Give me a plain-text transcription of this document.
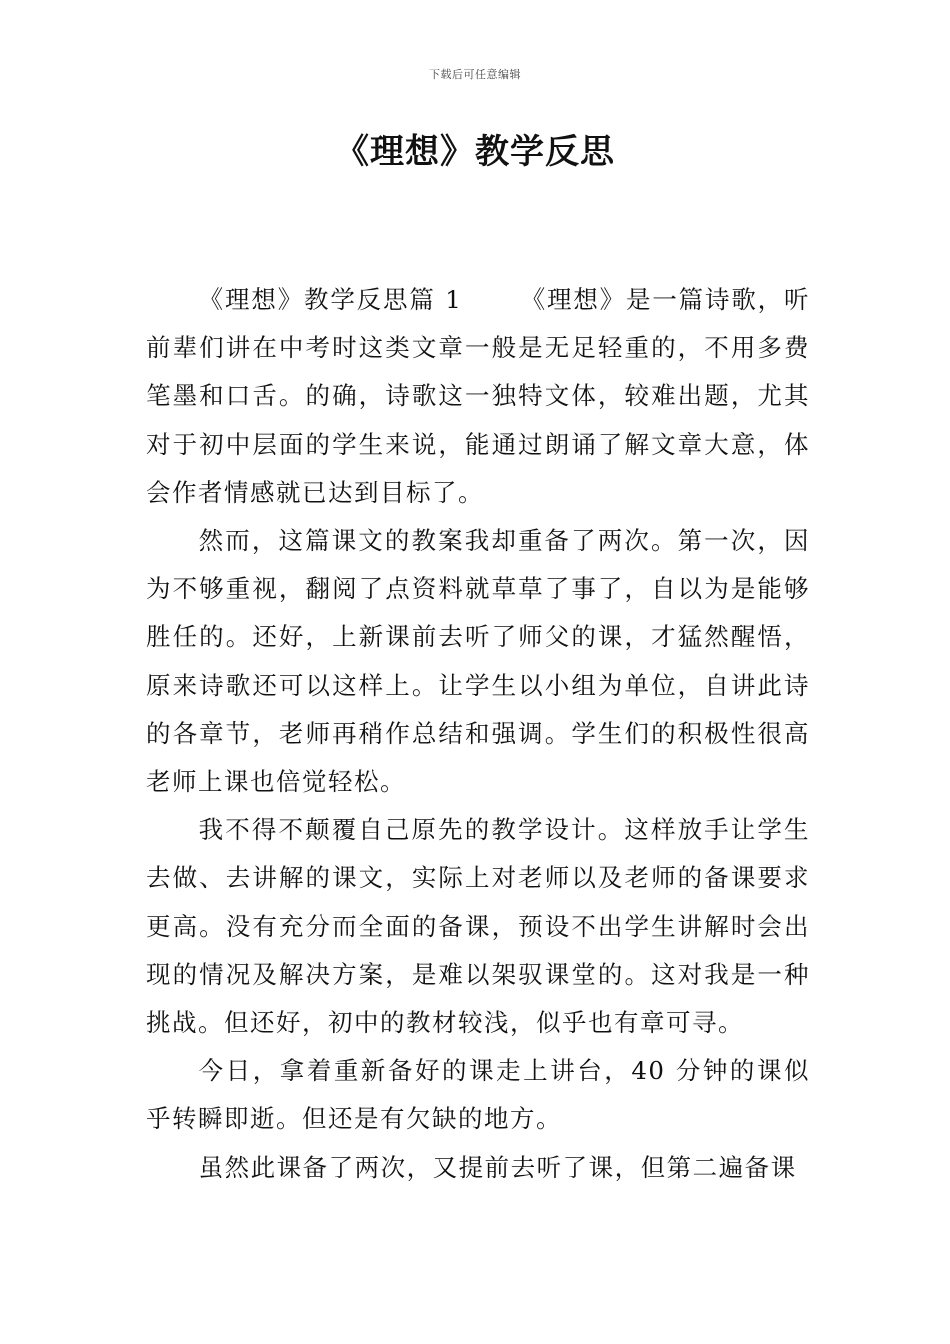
下载后可任意编辑
《理想》教学反思

《理想》教学反思篇 1 《理想》是一篇诗歌，听前辈们讲在中考时这类文章一般是无足轻重的，不用多费笔墨和口舌。的确，诗歌这一独特文体，较难出题，尤其对于初中层面的学生来说，能通过朗诵了解文章大意，体会作者情感就已达到目标了。

然而，这篇课文的教案我却重备了两次。第一次，因为不够重视，翻阅了点资料就草草了事了，自以为是能够胜任的。还好，上新课前去听了师父的课，才猛然醒悟，原来诗歌还可以这样上。让学生以小组为单位，自讲此诗的各章节，老师再稍作总结和强调。学生们的积极性很高老师上课也倍觉轻松。

我不得不颠覆自己原先的教学设计。这样放手让学生去做、去讲解的课文，实际上对老师以及老师的备课要求更高。没有充分而全面的备课，预设不出学生讲解时会出现的情况及解决方案，是难以架驭课堂的。这对我是一种挑战。但还好，初中的教材较浅，似乎也有章可寻。

今日，拿着重新备好的课走上讲台，40 分钟的课似乎转瞬即逝。但还是有欠缺的地方。

虽然此课备了两次，又提前去听了课，但第二遍备课
